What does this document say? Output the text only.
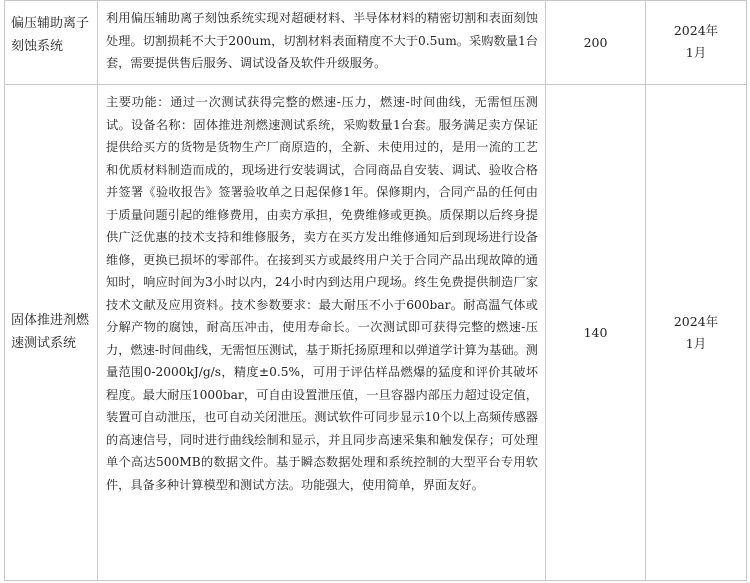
偏压辅助离子刻蚀系统
利用偏压辅助离子刻蚀系统实现对超硬材料、半导体材料的精密切割和表面刻蚀处理。切割损耗不大于200um，切割材料表面精度不大于0.5um。采购数量1台套，需要提供售后服务、调试设备及软件升级服务。
200
2024年1月
固体推进剂燃速测试系统
主要功能：通过一次测试获得完整的燃速-压力，燃速-时间曲线，无需恒压测试。设备名称：固体推进剂燃速测试系统，采购数量1台套。服务满足卖方保证提供给买方的货物是货物生产厂商原造的，全新、未使用过的，是用一流的工艺和优质材料制造而成的，现场进行安装调试，合同商品自安装、调试、验收合格并签署《验收报告》签署验收单之日起保修1年。保修期内，合同产品的任何由于质量问题引起的维修费用，由卖方承担，免费维修或更换。质保期以后终身提供广泛优惠的技术支持和维修服务，卖方在买方发出维修通知后到现场进行设备维修，更换已损坏的零部件。在接到买方或最终用户关于合同产品出现故障的通知时，响应时间为3小时以内，24小时内到达用户现场。终生免费提供制造厂家技术文献及应用资料。技术参数要求：最大耐压不小于600bar。耐高温气体或分解产物的腐蚀，耐高压冲击，使用寿命长。一次测试即可获得完整的燃速-压力，燃速-时间曲线，无需恒压测试，基于斯托扬原理和以弹道学计算为基础。测量范围0-2000kJ/g/s，精度±0.5%，可用于评估样品燃爆的猛度和评价其破坏程度。最大耐压1000bar，可自由设置泄压值，一旦容器内部压力超过设定值，装置可自动泄压，也可自动关闭泄压。测试软件可同步显示10个以上高频传感器的高速信号，同时进行曲线绘制和显示，并且同步高速采集和触发保存；可处理单个高达500MB的数据文件。基于瞬态数据处理和系统控制的大型平台专用软件，具备多种计算模型和测试方法。功能强大，使用简单，界面友好。
140
2024年1月
